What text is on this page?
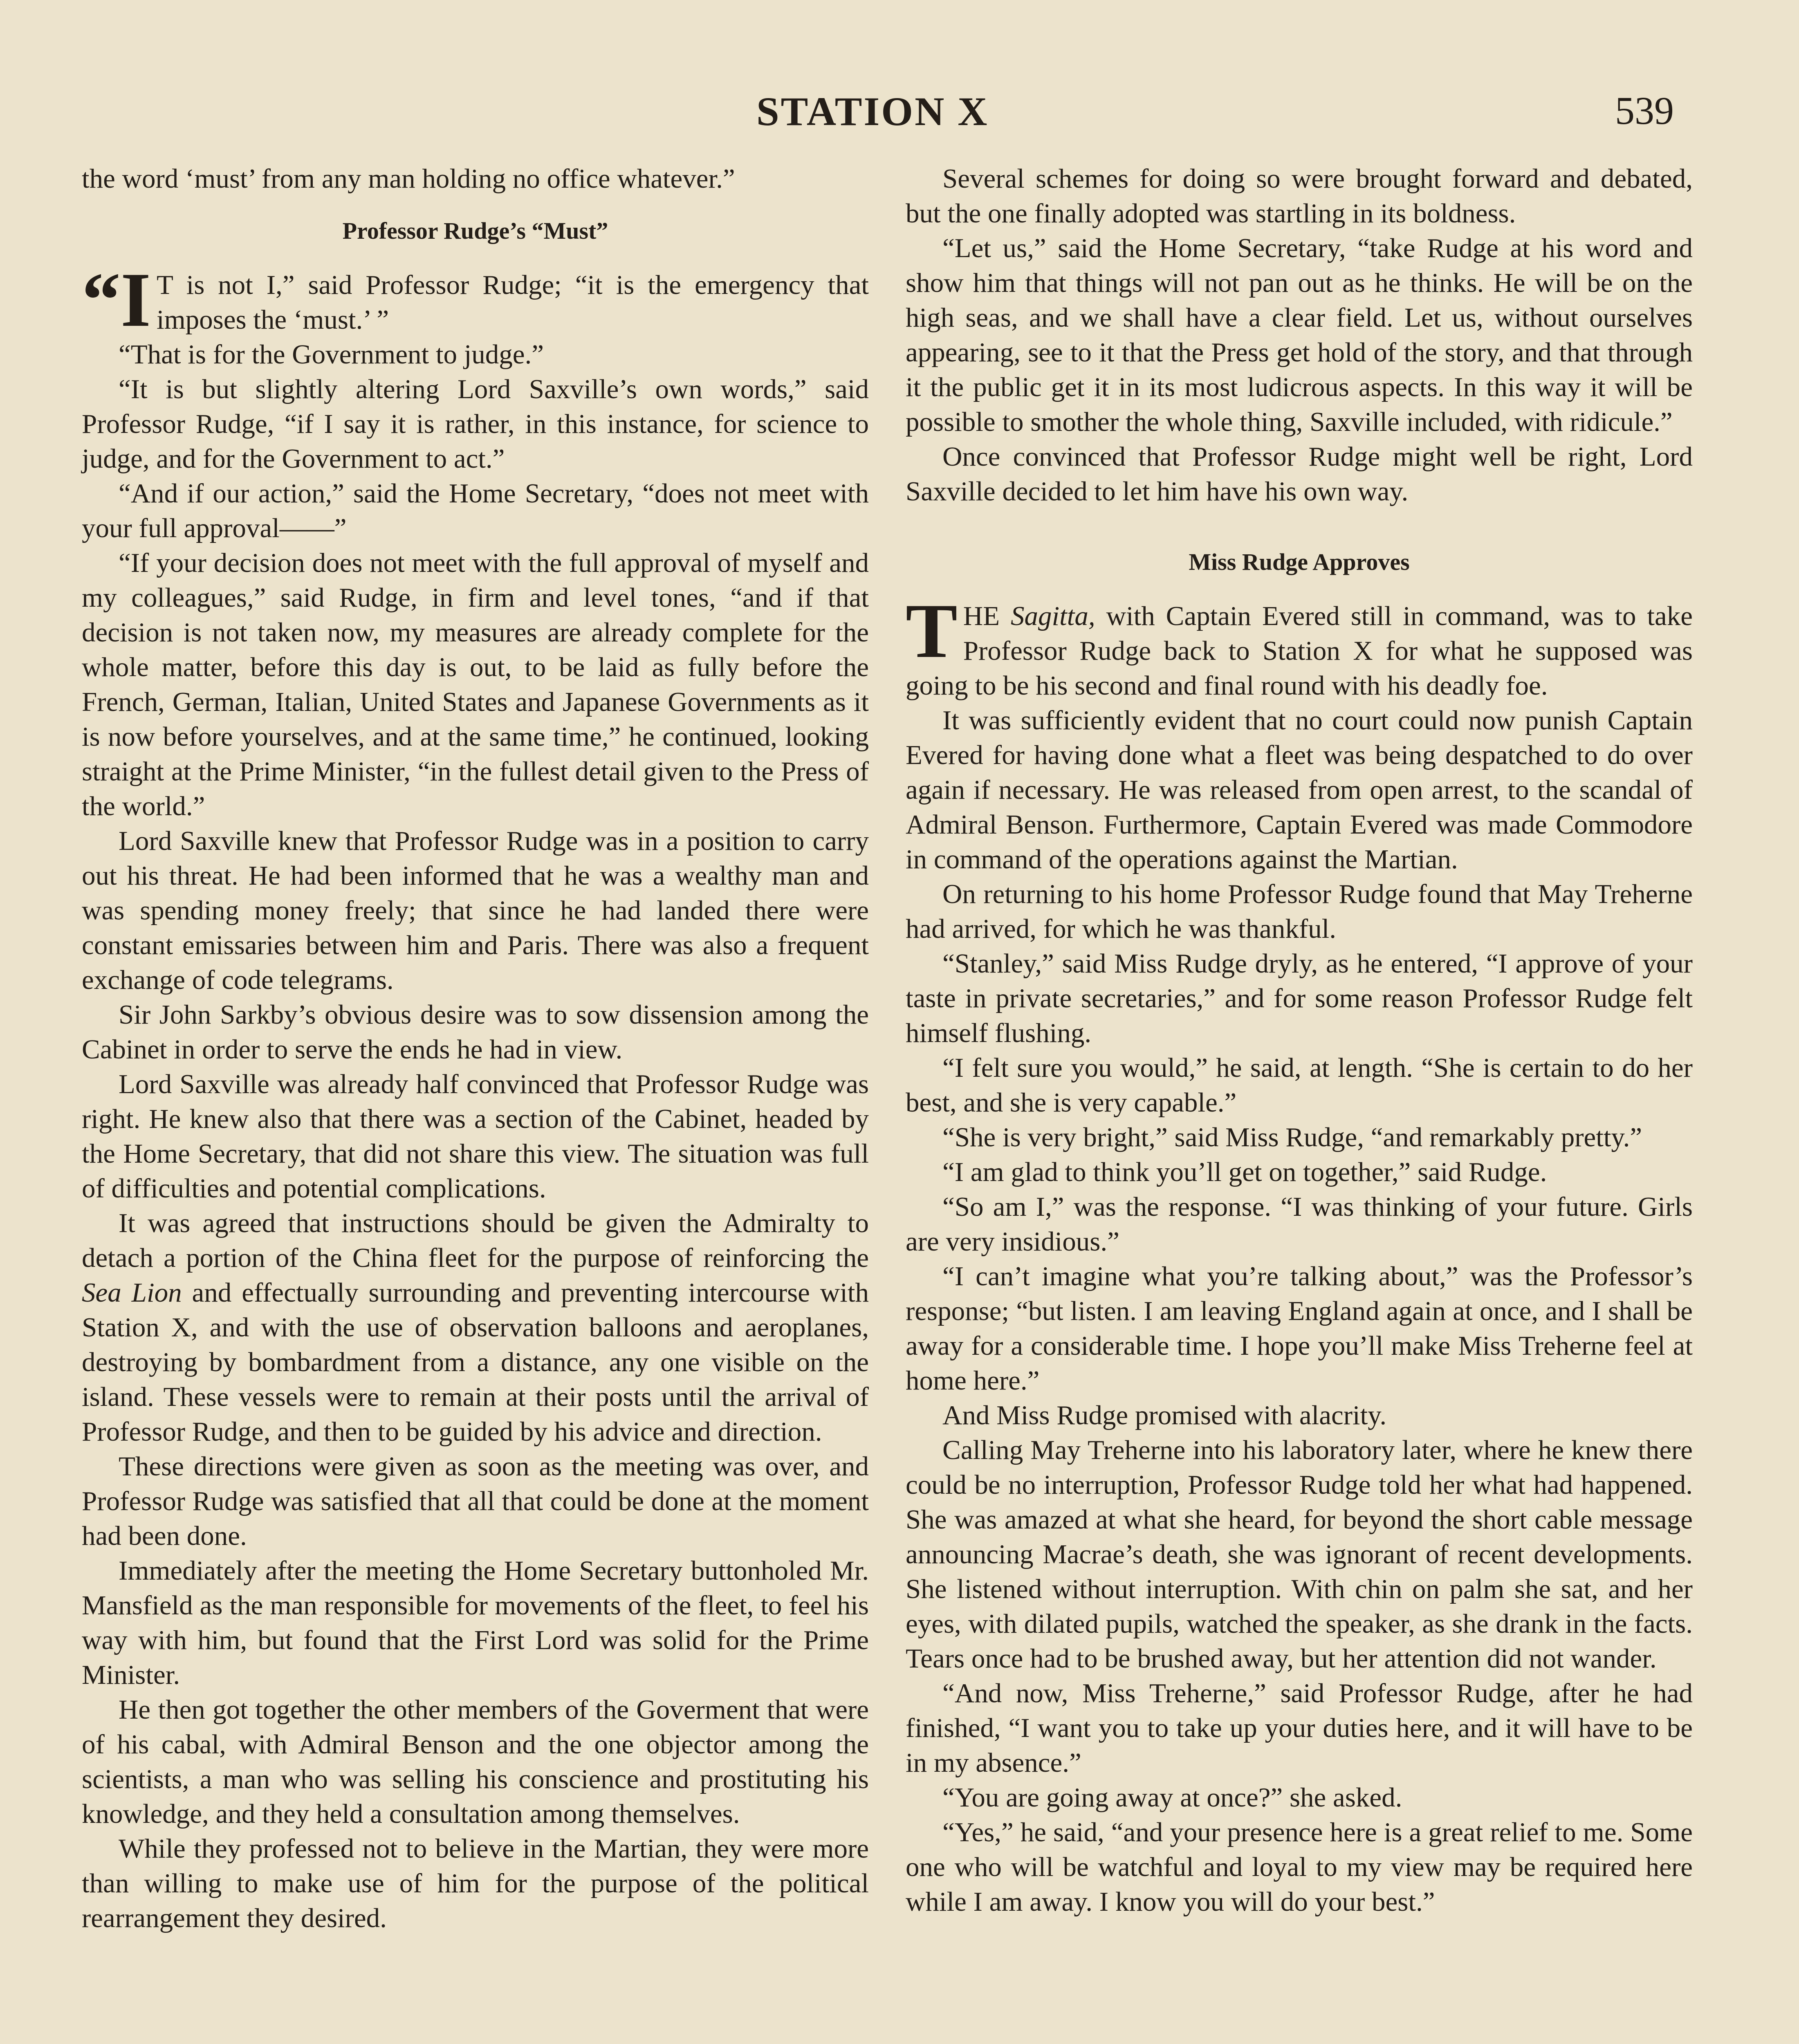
STATION X	539

the word ‘must’ from any man holding no office whatever.”

Professor Rudge’s “Must”

“I T is not I,” said Professor Rudge; “it is the emergency that imposes the ‘must.’ ”

“That is for the Government to judge.”

“It is but slightly altering Lord Saxville’s own words,” said Professor Rudge, “if I say it is rather, in this instance, for science to judge, and for the Government to act.”

“And if our action,” said the Home Secretary, “does not meet with your full approval——”

“If your decision does not meet with the full approval of myself and my colleagues,” said Rudge, in firm and level tones, “and if that decision is not taken now, my measures are already complete for the whole matter, before this day is out, to be laid as fully before the French, German, Italian, United States and Japanese Governments as it is now before yourselves, and at the same time,” he continued, looking straight at the Prime Minister, “in the fullest detail given to the Press of the world.”

Lord Saxville knew that Professor Rudge was in a position to carry out his threat. He had been informed that he was a wealthy man and was spending money freely; that since he had landed there were constant emissaries between him and Paris. There was also a frequent exchange of code telegrams.

Sir John Sarkby’s obvious desire was to sow dissension among the Cabinet in order to serve the ends he had in view.

Lord Saxville was already half convinced that Professor Rudge was right. He knew also that there was a section of the Cabinet, headed by the Home Secretary, that did not share this view. The situation was full of difficulties and potential complications.

It was agreed that instructions should be given the Admiralty to detach a portion of the China fleet for the purpose of reinforcing the Sea Lion and effectually surrounding and preventing intercourse with Station X, and with the use of observation balloons and aeroplanes, destroying by bombardment from a distance, any one visible on the island. These vessels were to remain at their posts until the arrival of Professor Rudge, and then to be guided by his advice and direction.

These directions were given as soon as the meeting was over, and Professor Rudge was satisfied that all that could be done at the moment had been done.

Immediately after the meeting the Home Secretary buttonholed Mr. Mansfield as the man responsible for movements of the fleet, to feel his way with him, but found that the First Lord was solid for the Prime Minister.

He then got together the other members of the Goverment that were of his cabal, with Admiral Benson and the one objector among the scientists, a man who was selling his conscience and prostituting his knowledge, and they held a consultation among themselves.

While they professed not to believe in the Martian, they were more than willing to make use of him for the purpose of the political rearrangement they desired.

Several schemes for doing so were brought forward and debated, but the one finally adopted was startling in its boldness.

“Let us,” said the Home Secretary, “take Rudge at his word and show him that things will not pan out as he thinks. He will be on the high seas, and we shall have a clear field. Let us, without ourselves appearing, see to it that the Press get hold of the story, and that through it the public get it in its most ludicrous aspects. In this way it will be possible to smother the whole thing, Saxville included, with ridicule.”

Once convinced that Professor Rudge might well be right, Lord Saxville decided to let him have his own way.

Miss Rudge Approves

THE Sagitta, with Captain Evered still in command, was to take Professor Rudge back to Station X for what he supposed was going to be his second and final round with his deadly foe.

It was sufficiently evident that no court could now punish Captain Evered for having done what a fleet was being despatched to do over again if necessary. He was released from open arrest, to the scandal of Admiral Benson. Furthermore, Captain Evered was made Commodore in command of the operations against the Martian.

On returning to his home Professor Rudge found that May Treherne had arrived, for which he was thankful.

“Stanley,” said Miss Rudge dryly, as he entered, “I approve of your taste in private secretaries,” and for some reason Professor Rudge felt himself flushing.

“I felt sure you would,” he said, at length. “She is certain to do her best, and she is very capable.”

“She is very bright,” said Miss Rudge, “and remarkably pretty.”

“I am glad to think you’ll get on together,” said Rudge.

“So am I,” was the response. “I was thinking of your future. Girls are very insidious.”

“I can’t imagine what you’re talking about,” was the Professor’s response; “but listen. I am leaving England again at once, and I shall be away for a considerable time. I hope you’ll make Miss Treherne feel at home here.”

And Miss Rudge promised with alacrity.

Calling May Treherne into his laboratory later, where he knew there could be no interruption, Professor Rudge told her what had happened. She was amazed at what she heard, for beyond the short cable message announcing Macrae’s death, she was ignorant of recent developments. She listened without interruption. With chin on palm she sat, and her eyes, with dilated pupils, watched the speaker, as she drank in the facts. Tears once had to be brushed away, but her attention did not wander.

“And now, Miss Treherne,” said Professor Rudge, after he had finished, “I want you to take up your duties here, and it will have to be in my absence.”

“You are going away at once?” she asked.

“Yes,” he said, “and your presence here is a great relief to me. Some one who will be watchful and loyal to my view may be required here while I am away. I know you will do your best.”
